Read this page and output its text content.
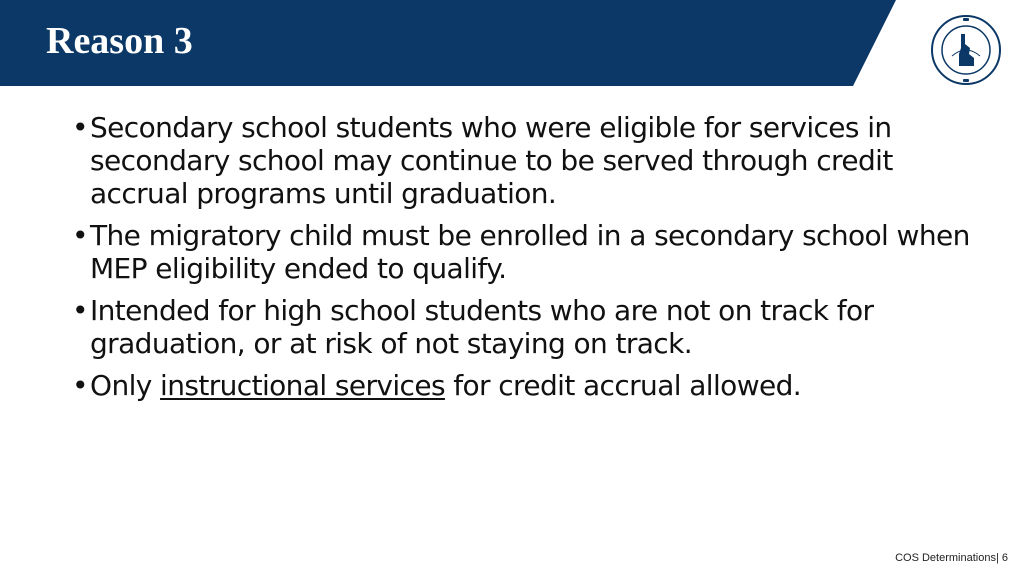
Reason 3
• Secondary school students who were eligible for services in secondary school may continue to be served through credit accrual programs until graduation.
• The migratory child must be enrolled in a secondary school when MEP eligibility ended to qualify.
• Intended for high school students who are not on track for graduation, or at risk of not staying on track.
• Only instructional services for credit accrual allowed.
COS Determinations| 6
